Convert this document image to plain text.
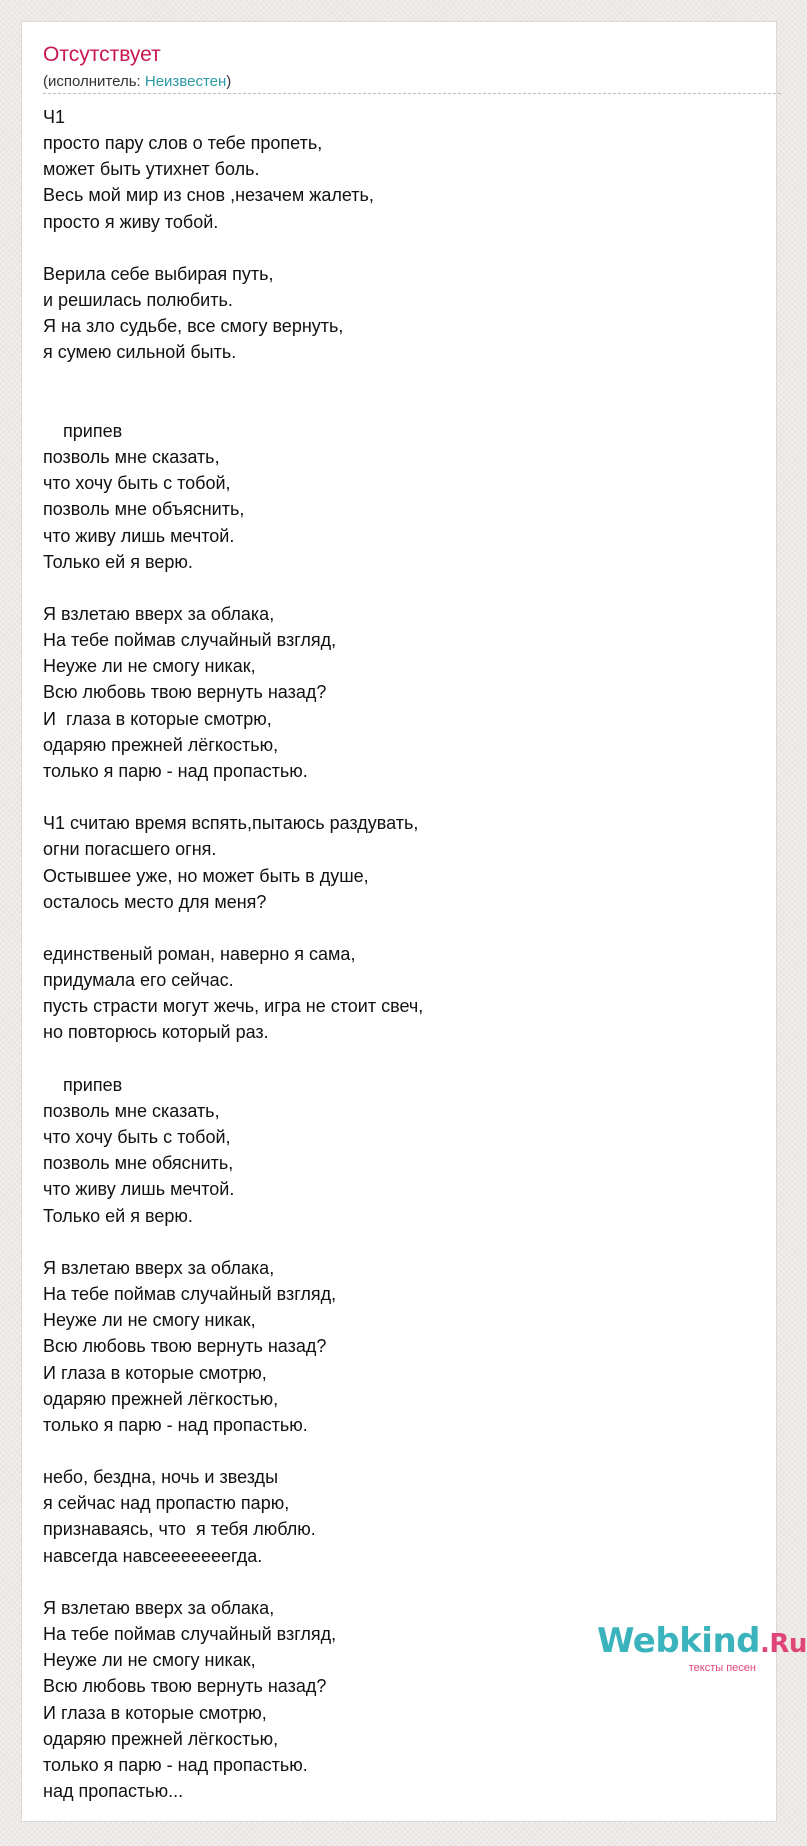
Отсутствует
(исполнитель: Неизвестен)
Ч1
просто пару слов о тебе пропеть,
может быть утихнет боль.
Весь мой мир из снов ,незачем жалеть,
просто я живу тобой.

Верила себе выбирая путь,
и решилась полюбить.
Я на зло судьбе, все смогу вернуть,
я сумею сильной быть.

припев
позволь мне сказать,
что хочу быть с тобой,
позволь мне объяснить,
что живу лишь мечтой.
Только ей я верю.

Я взлетаю вверх за облака,
На тебе поймав случайный взгляд,
Неуже ли не смогу никак,
Всю любовь твою вернуть назад?
И  глаза в которые смотрю,
одаряю прежней лёгкостью,
только я парю - над пропастью.

Ч1 считаю время вспять,пытаюсь раздувать,
огни погасшего огня.
Остывшее уже, но может быть в душе,
осталось место для меня?

единственый роман, наверно я сама,
придумала его сейчас.
пусть страсти могут жечь, игра не стоит свеч,
но повторюсь который раз.

припев
позволь мне сказать,
что хочу быть с тобой,
позволь мне обяснить,
что живу лишь мечтой.
Только ей я верю.

Я взлетаю вверх за облака,
На тебе поймав случайный взгляд,
Неуже ли не смогу никак,
Всю любовь твою вернуть назад?
И глаза в которые смотрю,
одаряю прежней лёгкостью,
только я парю - над пропастью.

небо, бездна, ночь и звезды
я сейчас над пропастю парю,
признаваясь, что  я тебя люблю.
навсегда навсееееееегда.

Я взлетаю вверх за облака,
На тебе поймав случайный взгляд,
Неуже ли не смогу никак,
Всю любовь твою вернуть назад?
И глаза в которые смотрю,
одаряю прежней лёгкостью,
только я парю - над пропастью.
над пропастью...
Webkind.Ru
тексты песен
